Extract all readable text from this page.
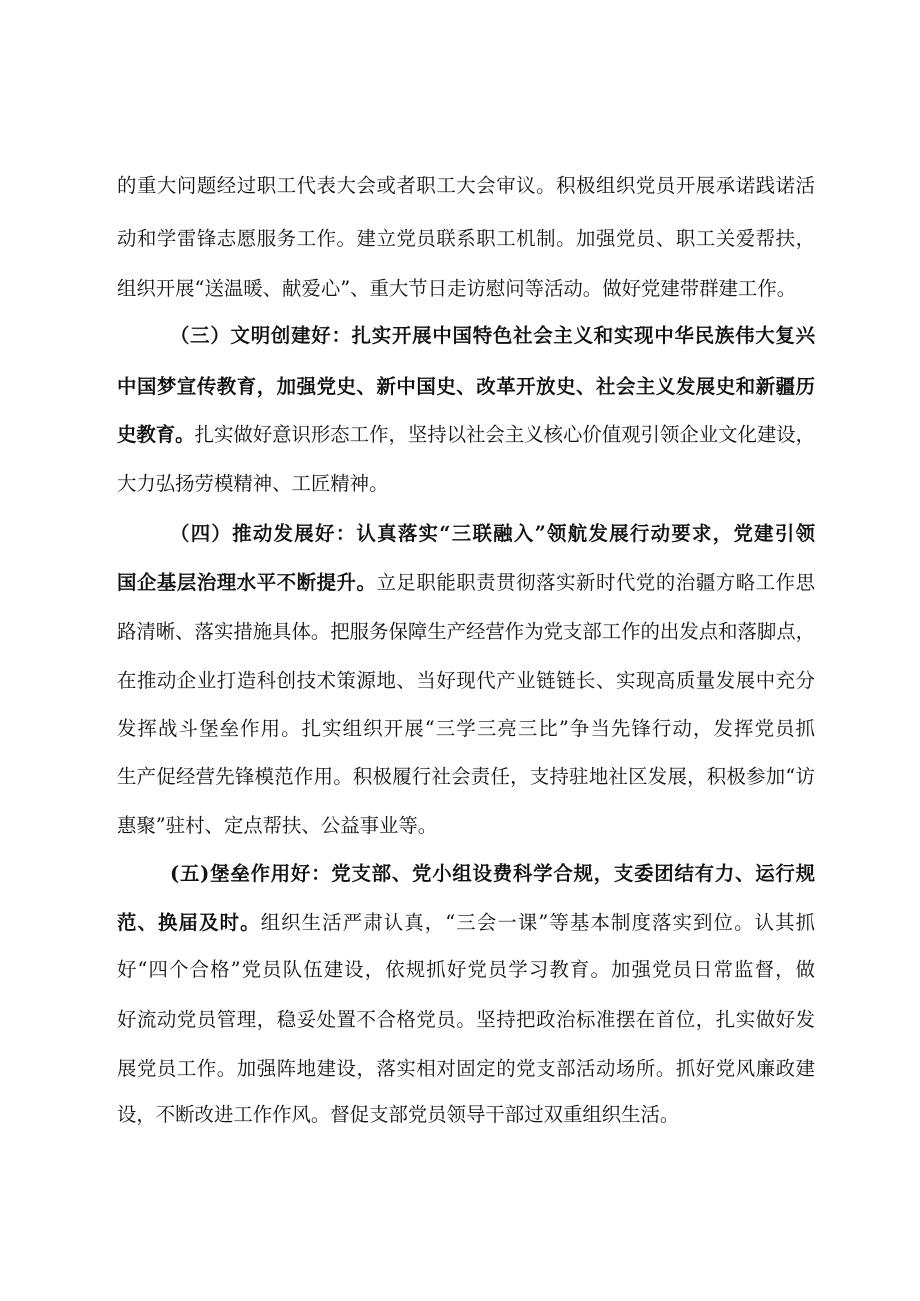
的重大问题经过职工代表大会或者职工大会审议。积极组织党员开展承诺践诺活
动和学雷锋志愿服务工作。建立党员联系职工机制。加强党员、职工关爱帮扶，
组织开展“送温暖、献爱心”、重大节日走访慰问等活动。做好党建带群建工作。
（三）文明创建好：扎实开展中国特色社会主义和实现中华民族伟大复兴
中国梦宣传教育，加强党史、新中国史、改革开放史、社会主义发展史和新疆历
史教育。扎实做好意识形态工作，坚持以社会主义核心价值观引领企业文化建设，
大力弘扬劳模精神、工匠精神。
（四）推动发展好：认真落实“三联融入”领航发展行动要求，党建引领
国企基层治理水平不断提升。立足职能职责贯彻落实新时代党的治疆方略工作思
路清晰、落实措施具体。把服务保障生产经营作为党支部工作的出发点和落脚点，
在推动企业打造科创技术策源地、当好现代产业链链长、实现高质量发展中充分
发挥战斗堡垒作用。扎实组织开展“三学三亮三比”争当先锋行动，发挥党员抓
生产促经营先锋模范作用。积极履行社会责任，支持驻地社区发展，积极参加“访
惠聚”驻村、定点帮扶、公益事业等。
(五)堡垒作用好：党支部、党小组设费科学合规，支委团结有力、运行规
范、换届及时。组织生活严肃认真，“三会一课”等基本制度落实到位。认其抓
好“四个合格”党员队伍建设，依规抓好党员学习教育。加强党员日常监督，做
好流动党员管理，稳妥处置不合格党员。坚持把政治标准摆在首位，扎实做好发
展党员工作。加强阵地建设，落实相对固定的党支部活动场所。抓好党风廉政建
设，不断改进工作作风。督促支部党员领导干部过双重组织生活。
